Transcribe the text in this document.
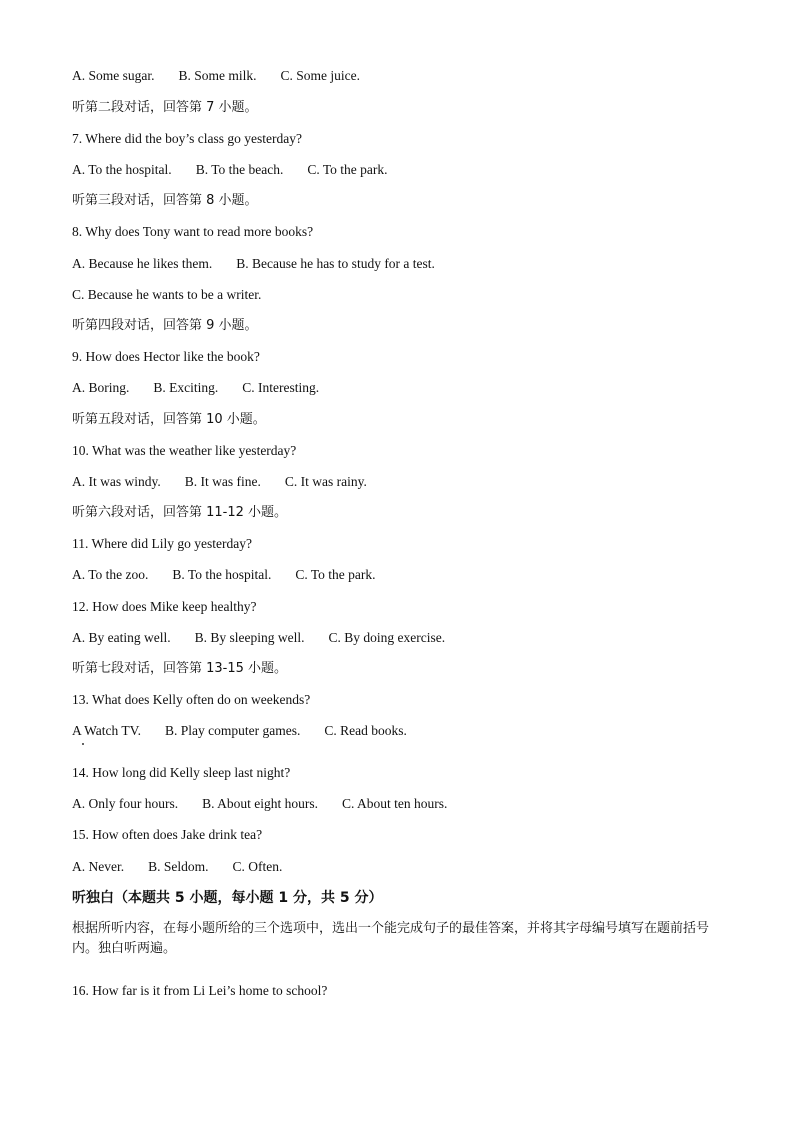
A. Some sugar. B. Some milk. C. Some juice.
听第二段对话，回答第 7 小题。
7. Where did the boy’s class go yesterday?
A. To the hospital. B. To the beach. C. To the park.
听第三段对话，回答第 8 小题。
8. Why does Tony want to read more books?
A. Because he likes them. B. Because he has to study for a test.
C. Because he wants to be a writer.
听第四段对话，回答第 9 小题。
9. How does Hector like the book?
A. Boring. B. Exciting. C. Interesting.
听第五段对话，回答第 10 小题。
10. What was the weather like yesterday?
A. It was windy. B. It was fine. C. It was rainy.
听第六段对话，回答第 11-12 小题。
11. Where did Lily go yesterday?
A. To the zoo. B. To the hospital. C. To the park.
12. How does Mike keep healthy?
A. By eating well. B. By sleeping well. C. By doing exercise.
听第七段对话，回答第 13-15 小题。
13. What does Kelly often do on weekends?
A Watch TV. B. Play computer games. C. Read books.
14. How long did Kelly sleep last night?
A. Only four hours. B. About eight hours. C. About ten hours.
15. How often does Jake drink tea?
A. Never. B. Seldom. C. Often.
听独白（本题共 5 小题，每小题 1 分，共 5 分）
根据所听内容，在每小题所给的三个选项中，选出一个能完成句子的最佳答案，并将其字母编号填写在题前括号内。独白听两遍。
16. How far is it from Li Lei’s home to school?
